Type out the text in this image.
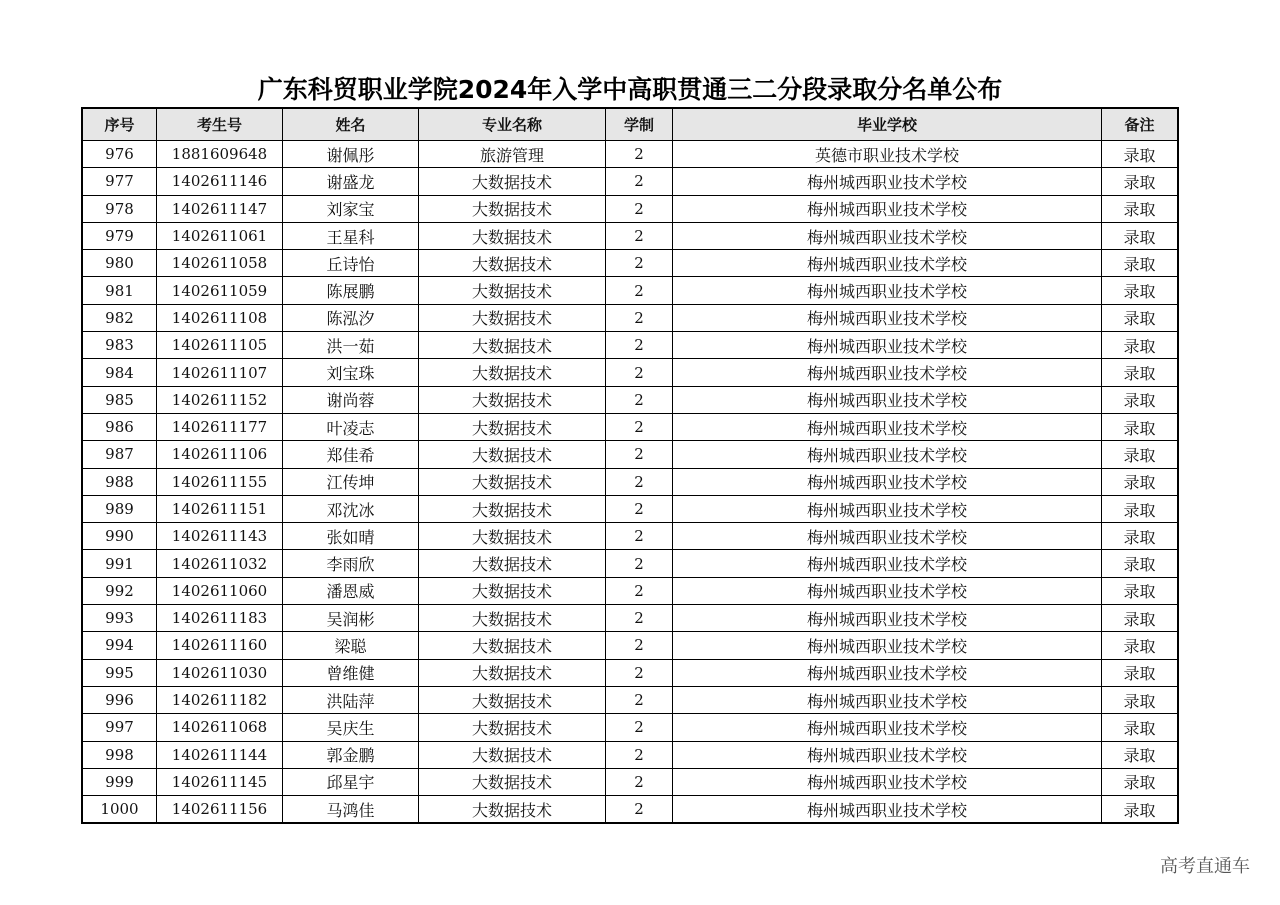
广东科贸职业学院2024年入学中高职贯通三二分段录取分名单公布
序号	考生号	姓名	专业名称	学制	毕业学校	备注
976	1881609648	谢佩彤	旅游管理	2	英德市职业技术学校	录取
977	1402611146	谢盛龙	大数据技术	2	梅州城西职业技术学校	录取
978	1402611147	刘家宝	大数据技术	2	梅州城西职业技术学校	录取
979	1402611061	王星科	大数据技术	2	梅州城西职业技术学校	录取
980	1402611058	丘诗怡	大数据技术	2	梅州城西职业技术学校	录取
981	1402611059	陈展鹏	大数据技术	2	梅州城西职业技术学校	录取
982	1402611108	陈泓汐	大数据技术	2	梅州城西职业技术学校	录取
983	1402611105	洪一茹	大数据技术	2	梅州城西职业技术学校	录取
984	1402611107	刘宝珠	大数据技术	2	梅州城西职业技术学校	录取
985	1402611152	谢尚蓉	大数据技术	2	梅州城西职业技术学校	录取
986	1402611177	叶凌志	大数据技术	2	梅州城西职业技术学校	录取
987	1402611106	郑佳希	大数据技术	2	梅州城西职业技术学校	录取
988	1402611155	江传坤	大数据技术	2	梅州城西职业技术学校	录取
989	1402611151	邓沈冰	大数据技术	2	梅州城西职业技术学校	录取
990	1402611143	张如晴	大数据技术	2	梅州城西职业技术学校	录取
991	1402611032	李雨欣	大数据技术	2	梅州城西职业技术学校	录取
992	1402611060	潘恩威	大数据技术	2	梅州城西职业技术学校	录取
993	1402611183	吴润彬	大数据技术	2	梅州城西职业技术学校	录取
994	1402611160	梁聪	大数据技术	2	梅州城西职业技术学校	录取
995	1402611030	曾维健	大数据技术	2	梅州城西职业技术学校	录取
996	1402611182	洪陆萍	大数据技术	2	梅州城西职业技术学校	录取
997	1402611068	吴庆生	大数据技术	2	梅州城西职业技术学校	录取
998	1402611144	郭金鹏	大数据技术	2	梅州城西职业技术学校	录取
999	1402611145	邱星宇	大数据技术	2	梅州城西职业技术学校	录取
1000	1402611156	马鸿佳	大数据技术	2	梅州城西职业技术学校	录取
高考直通车
